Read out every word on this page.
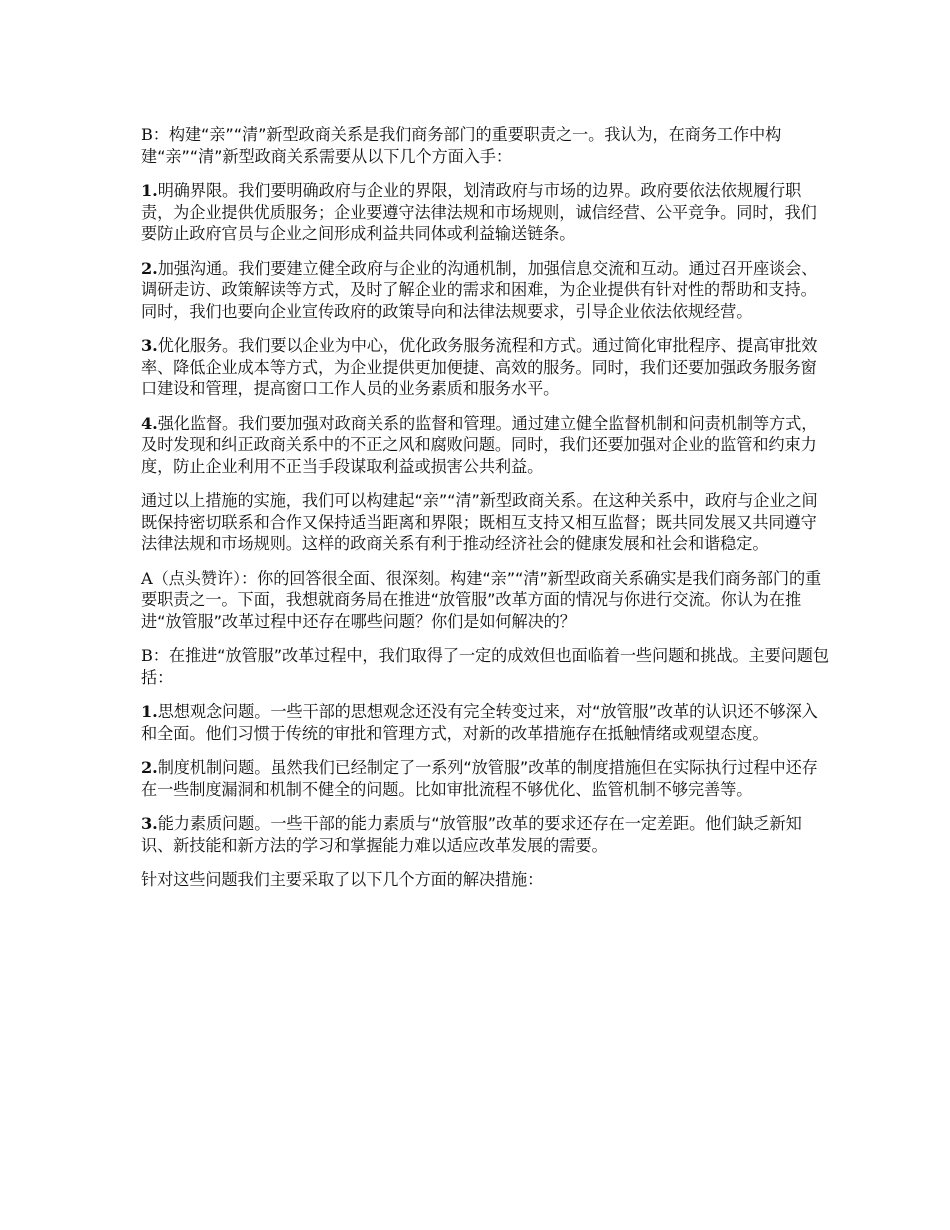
B：构建“亲”“清”新型政商关系是我们商务部门的重要职责之一。我认为，在商务工作中构建“亲”“清”新型政商关系需要从以下几个方面入手：

1.明确界限。我们要明确政府与企业的界限，划清政府与市场的边界。政府要依法依规履行职责，为企业提供优质服务；企业要遵守法律法规和市场规则，诚信经营、公平竞争。同时，我们要防止政府官员与企业之间形成利益共同体或利益输送链条。

2.加强沟通。我们要建立健全政府与企业的沟通机制，加强信息交流和互动。通过召开座谈会、调研走访、政策解读等方式，及时了解企业的需求和困难，为企业提供有针对性的帮助和支持。同时，我们也要向企业宣传政府的政策导向和法律法规要求，引导企业依法依规经营。

3.优化服务。我们要以企业为中心，优化政务服务流程和方式。通过简化审批程序、提高审批效率、降低企业成本等方式，为企业提供更加便捷、高效的服务。同时，我们还要加强政务服务窗口建设和管理，提高窗口工作人员的业务素质和服务水平。

4.强化监督。我们要加强对政商关系的监督和管理。通过建立健全监督机制和问责机制等方式，及时发现和纠正政商关系中的不正之风和腐败问题。同时，我们还要加强对企业的监管和约束力度，防止企业利用不正当手段谋取利益或损害公共利益。

通过以上措施的实施，我们可以构建起“亲”“清”新型政商关系。在这种关系中，政府与企业之间既保持密切联系和合作又保持适当距离和界限；既相互支持又相互监督；既共同发展又共同遵守法律法规和市场规则。这样的政商关系有利于推动经济社会的健康发展和社会和谐稳定。

A（点头赞许）：你的回答很全面、很深刻。构建“亲”“清”新型政商关系确实是我们商务部门的重要职责之一。下面，我想就商务局在推进“放管服”改革方面的情况与你进行交流。你认为在推进“放管服”改革过程中还存在哪些问题？你们是如何解决的？

B：在推进“放管服”改革过程中，我们取得了一定的成效但也面临着一些问题和挑战。主要问题包括：

1.思想观念问题。一些干部的思想观念还没有完全转变过来，对“放管服”改革的认识还不够深入和全面。他们习惯于传统的审批和管理方式，对新的改革措施存在抵触情绪或观望态度。

2.制度机制问题。虽然我们已经制定了一系列“放管服”改革的制度措施但在实际执行过程中还存在一些制度漏洞和机制不健全的问题。比如审批流程不够优化、监管机制不够完善等。

3.能力素质问题。一些干部的能力素质与“放管服”改革的要求还存在一定差距。他们缺乏新知识、新技能和新方法的学习和掌握能力难以适应改革发展的需要。

针对这些问题我们主要采取了以下几个方面的解决措施：
